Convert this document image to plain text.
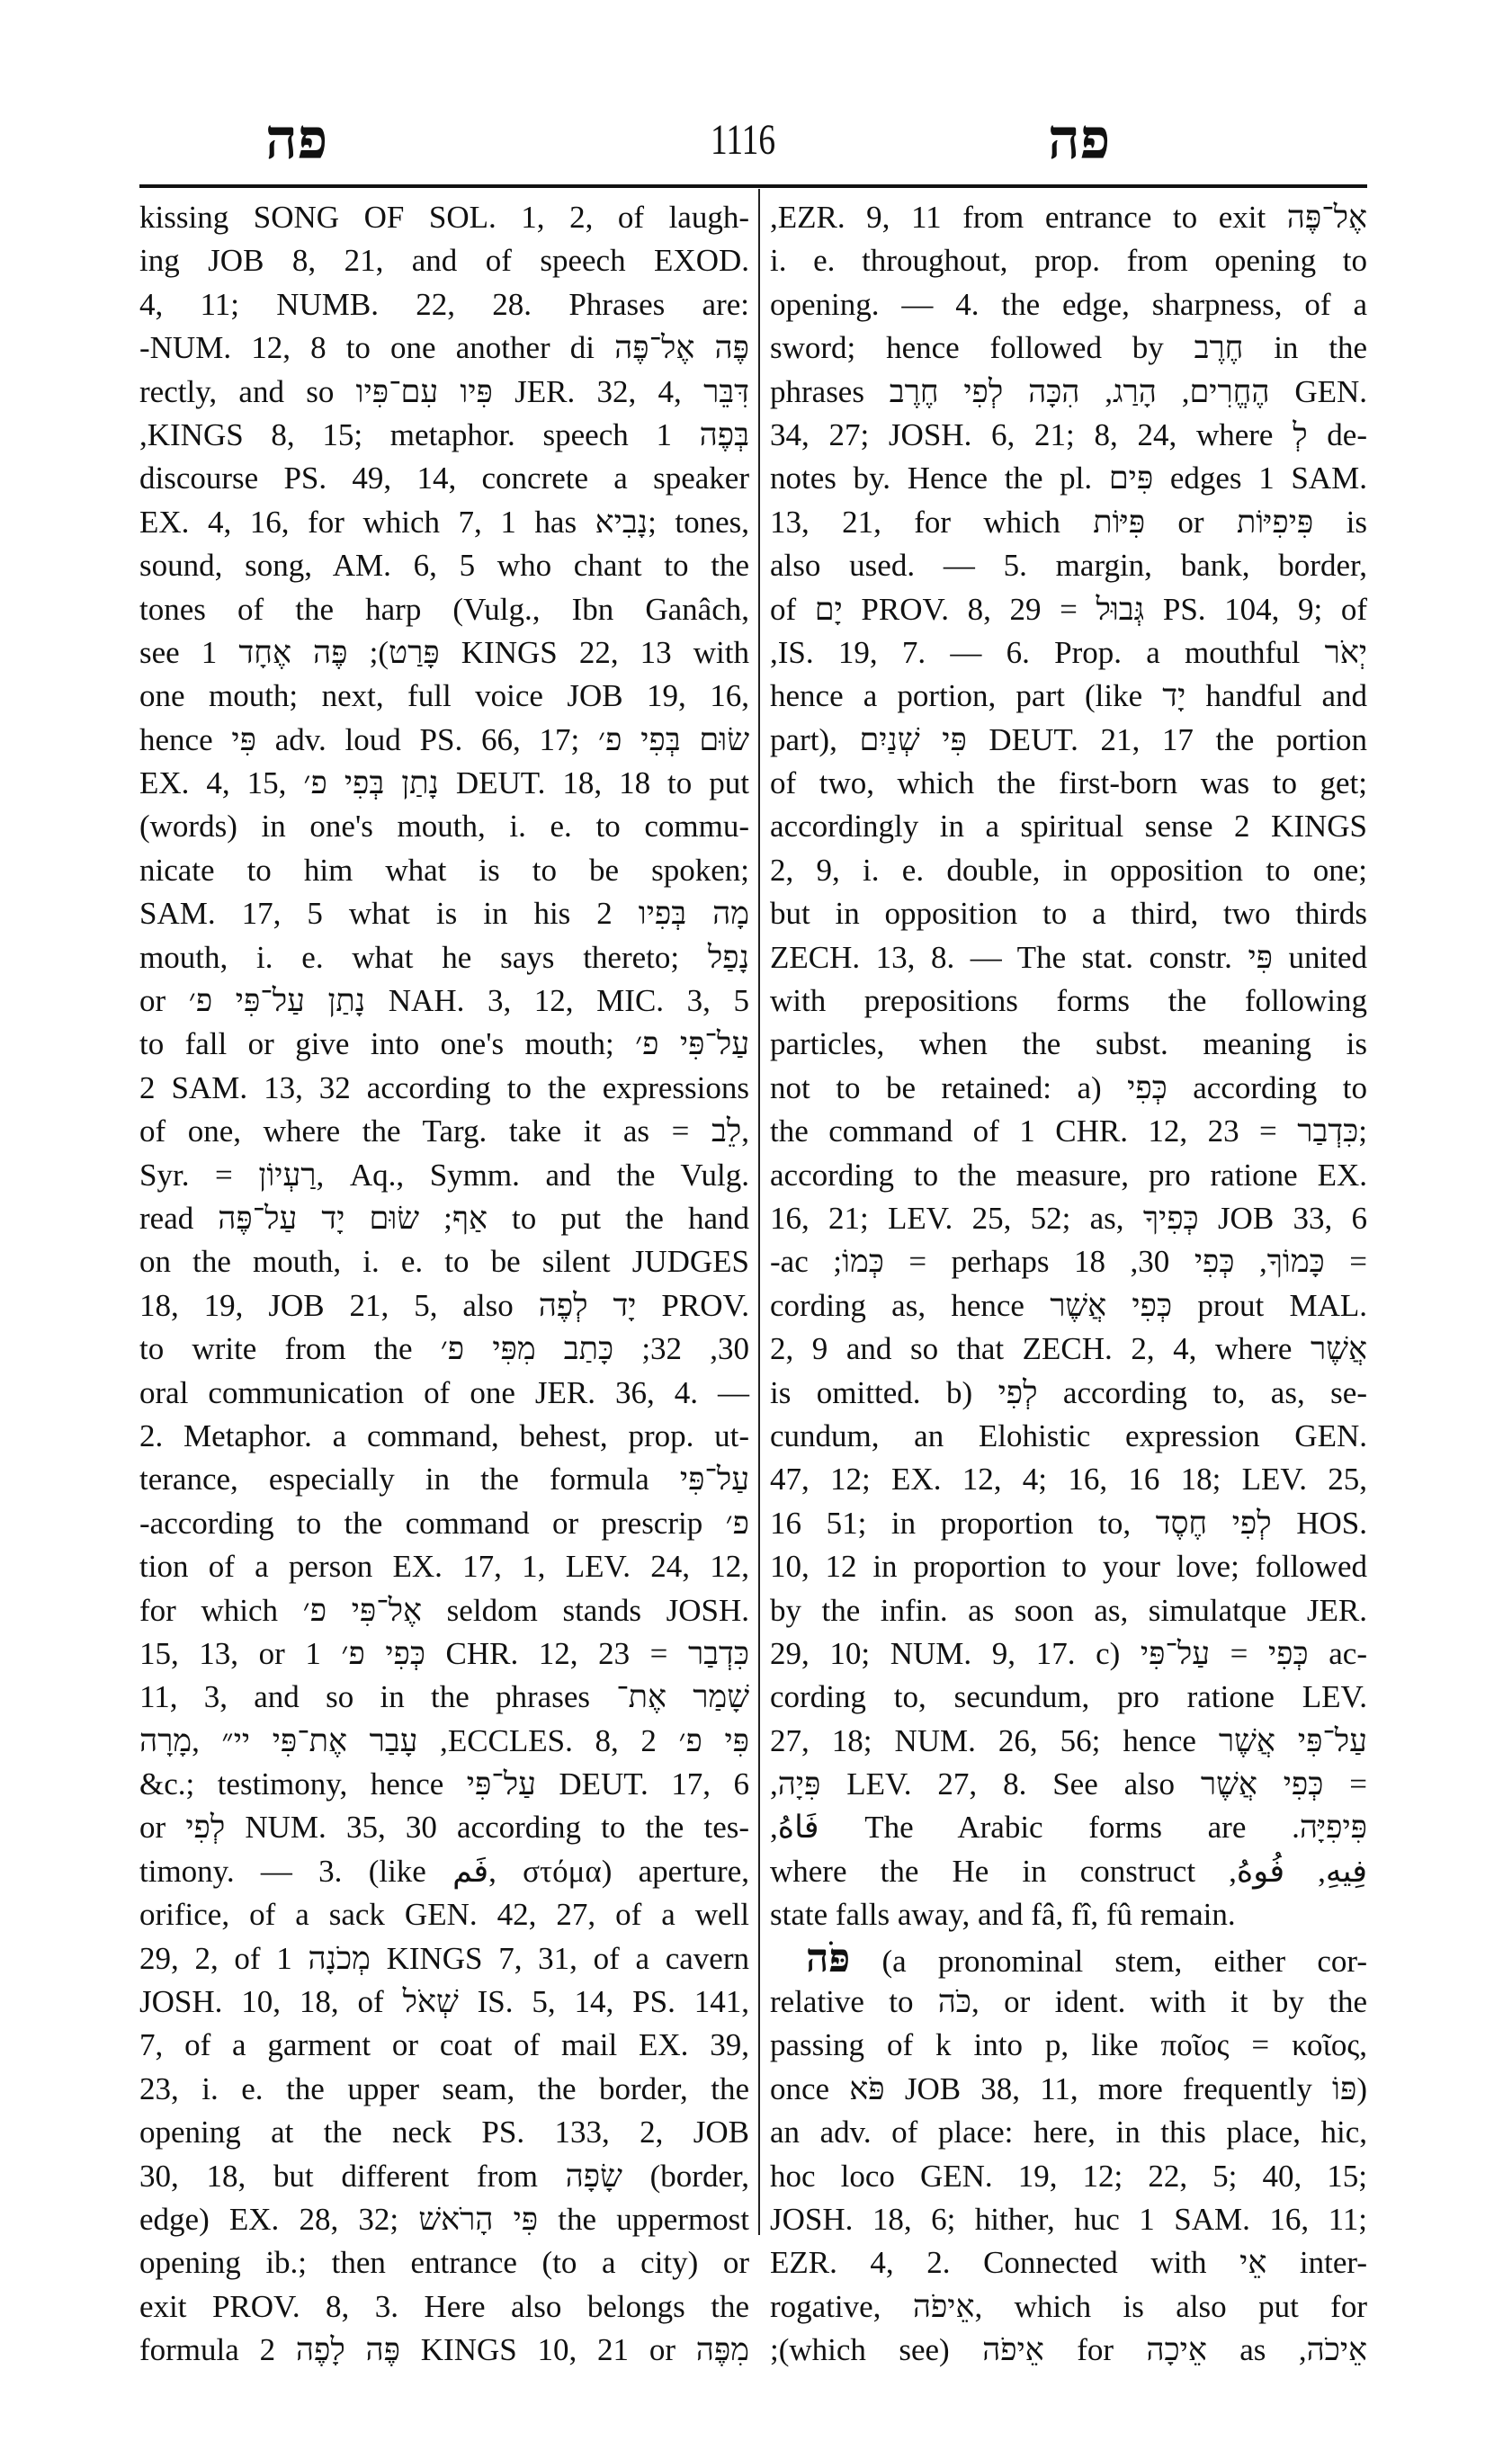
פה	1116	פה
kissing SONG OF SOL. 1, 2, of laugh-
ing JOB 8, 21, and of speech EXOD.
4, 11; NUMB. 22, 28. Phrases are:
פֶּה אֶל־פֶּה NUM. 12, 8 to one another di-
rectly, and so פִּיו עִם־פִּיו JER. 32, 4, דִּבֵּר
בְּפֶה 1 KINGS 8, 15; metaphor. speech,
discourse PS. 49, 14, concrete a speaker
EX. 4, 16, for which 7, 1 has נָבִיא; tones,
sound, song, AM. 6, 5 who chant to the
tones of the harp (Vulg., Ibn Ganâch,
see פָּרַט); פֶּה אֶחָד 1 KINGS 22, 13 with
one mouth; next, full voice JOB 19, 16,
hence פִּי adv. loud PS. 66, 17; שׂוּם בְּפִי פ׳
EX. 4, 15, נָתַן בְּפִי פ׳ DEUT. 18, 18 to put
(words) in one's mouth, i. e. to commu-
nicate to him what is to be spoken;
מָה בְּפִיו 2 SAM. 17, 5 what is in his
mouth, i. e. what he says thereto; נָפַל
or נָתַן עַל־פִּי פ׳ NAH. 3, 12, MIC. 3, 5
to fall or give into one's mouth; עַל־פִּי פ׳
2 SAM. 13, 32 according to the expressions
of one, where the Targ. take it as = לֵב,
Syr. = רַעְיוֹן, Aq., Symm. and the Vulg.
read אַף; שׂוּם יָד עַל־פֶּה to put the hand
on the mouth, i. e. to be silent JUDGES
18, 19, JOB 21, 5, also יָד לְפֶה PROV.
30, 32; כָּתַב מִפִּי פ׳ to write from the
oral communication of one JER. 36, 4. —
2. Metaphor. a command, behest, prop. ut-
terance, especially in the formula עַל־פִּי
פ׳ according to the command or prescrip-
tion of a person EX. 17, 1, LEV. 24, 12,
for which אֶל־פִּי פ׳ seldom stands JOSH.
15, 13, or כְּפִי פ׳ 1 CHR. 12, 23 = כִּדְבַר
11, 3, and so in the phrases שָׁמַר אֶת־
פִּי פ׳ ECCLES. 8, 2, עָבַר אֶת־פִּי יי״ ,מָרָה
&c.; testimony, hence עַל־פִּי DEUT. 17, 6
or לְפִי NUM. 35, 30 according to the tes-
timony. — 3. (like فَم, στόμα) aperture,
orifice, of a sack GEN. 42, 27, of a well
29, 2, of מְכֹנָה 1 KINGS 7, 31, of a cavern
JOSH. 10, 18, of שְׁאֹל IS. 5, 14, PS. 141,
7, of a garment or coat of mail EX. 39,
23, i. e. the upper seam, the border, the
opening at the neck PS. 133, 2, JOB
30, 18, but different from שָׂפָה (border,
edge) EX. 28, 32; פִּי הָרֹאשׁ the uppermost
opening ib.; then entrance (to a city) or
exit PROV. 8, 3. Here also belongs the
formula פֶּה לָפֶה 2 KINGS 10, 21 or מִפֶּה
אֶל־פֶּה EZR. 9, 11 from entrance to exit,
i. e. throughout, prop. from opening to
opening. — 4. the edge, sharpness, of a
sword; hence followed by חֶרֶב in the
phrases הֶחֱרִים, הָרַג, הִכָּה לְפִי חֶרֶב GEN.
34, 27; JOSH. 6, 21; 8, 24, where לְ de-
notes by. Hence the pl. פִּים edges 1 SAM.
13, 21, for which פִּיּוֹת or פִּיפִיּוֹת is
also used. — 5. margin, bank, border,
of יָם PROV. 8, 29 = גְּבוּל PS. 104, 9; of
יְאֹר IS. 19, 7. — 6. Prop. a mouthful,
hence a portion, part (like יָד handful and
part), פִּי שְׁנַיִם DEUT. 21, 17 the portion
of two, which the first-born was to get;
accordingly in a spiritual sense 2 KINGS
2, 9, i. e. double, in opposition to one;
but in opposition to a third, two thirds
ZECH. 13, 8. — The stat. constr. פִּי united
with prepositions forms the following
particles, when the subst. meaning is
not to be retained: a) כְּפִי according to
the command of 1 CHR. 12, 23 = כִּדְבַר;
according to the measure, pro ratione EX.
16, 21; LEV. 25, 52; as, כְּפִיךָ JOB 33, 6
= כָּמוֹךָ, כְּפִי 30, 18 perhaps = כְּמוֹ; ac-
cording as, hence כְּפִי אֲשֶׁר prout MAL.
2, 9 and so that ZECH. 2, 4, where אֲשֶׁר
is omitted. b) לְפִי according to, as, se-
cundum, an Elohistic expression GEN.
47, 12; EX. 12, 4; 16, 16 18; LEV. 25,
16 51; in proportion to, לְפִי חֶסֶד HOS.
10, 12 in proportion to your love; followed
by the infin. as soon as, simulatque JER.
29, 10; NUM. 9, 17. c) כְּפִי = עַל־פִּי ac-
cording to, secundum, pro ratione LEV.
27, 18; NUM. 26, 56; hence עַל־פִּי אֲשֶׁר
= כְּפִי אֲשֶׁר LEV. 27, 8. See also פִּיָה,
פִּיפִיָּה. The Arabic forms are فَاهُ,
فِيهِ, فُوهُ, where the He in construct
state falls away, and fâ, fî, fû remain.
פֹּה (a pronominal stem, either cor-
relative to כֹּה, or ident. with it by the
passing of k into p, like ποῖος = κοῖος,
once פֹּא JOB 38, 11, more frequently פּוֹ)
an adv. of place: here, in this place, hic,
hoc loco GEN. 19, 12; 22, 5; 40, 15;
JOSH. 18, 6; hither, huc 1 SAM. 16, 11;
EZR. 4, 2. Connected with אֵי inter-
rogative, אֵיפֹה, which is also put for
אֵיכֹה, as אֵיכָה for אֵיפֹה (which see);
